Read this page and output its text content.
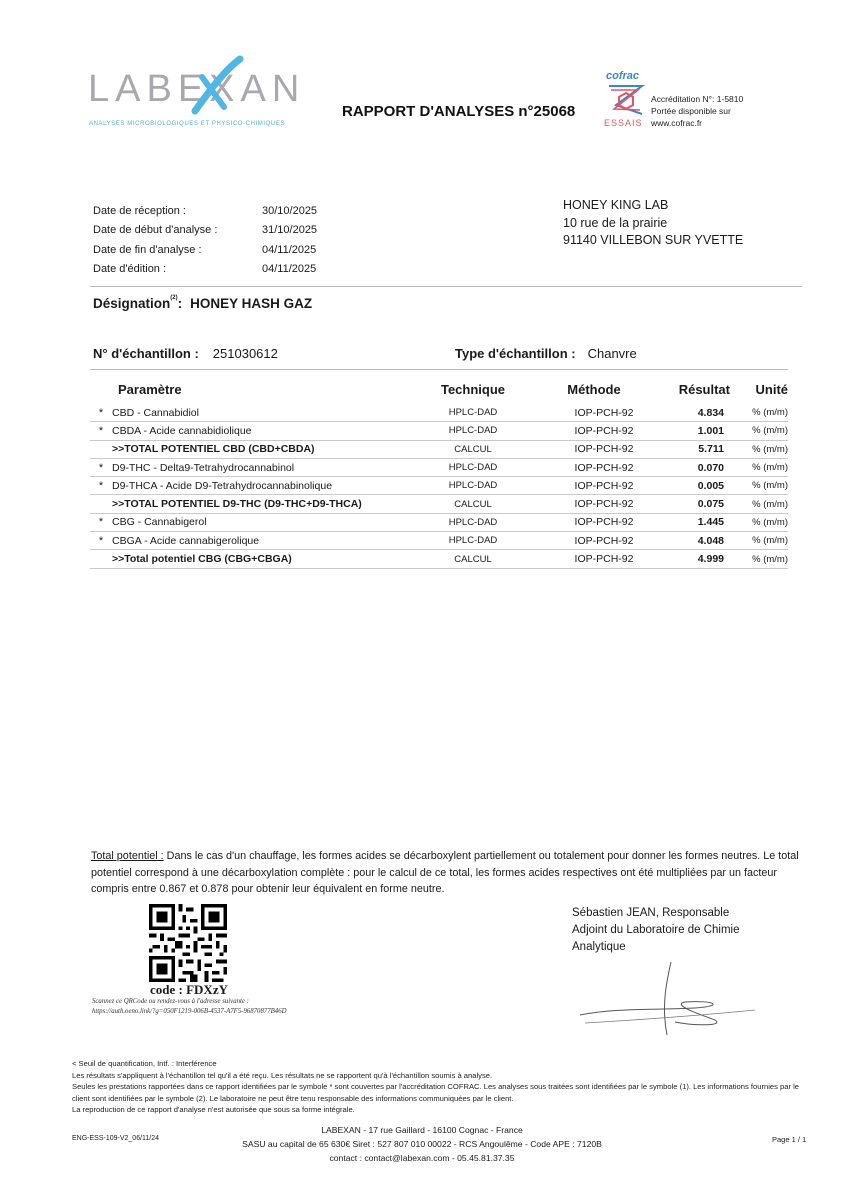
LABEXAN
ANALYSES MICROBIOLOGIQUES ET PHYSICO-CHIMIQUES
RAPPORT D'ANALYSES n°25068
cofrac
ESSAIS
Accréditation N°: 1-5810
Portée disponible sur
www.cofrac.fr
Date de réception :	30/10/2025
Date de début d'analyse :	31/10/2025
Date de fin d'analyse :	04/11/2025
Date d'édition :	04/11/2025
HONEY KING LAB
10 rue de la prairie
91140 VILLEBON SUR YVETTE
Désignation$^{(2)}$: HONEY HASH GAZ
N° d'échantillon : 251030612	Type d'échantillon : Chanvre
Paramètre	Technique	Méthode	Résultat	Unité
* CBD - Cannabidiol	HPLC-DAD	IOP-PCH-92	4.834	% (m/m)
* CBDA - Acide cannabidiolique	HPLC-DAD	IOP-PCH-92	1.001	% (m/m)
>>TOTAL POTENTIEL CBD (CBD+CBDA)	CALCUL	IOP-PCH-92	5.711	% (m/m)
* D9-THC - Delta9-Tetrahydrocannabinol	HPLC-DAD	IOP-PCH-92	0.070	% (m/m)
* D9-THCA - Acide D9-Tetrahydrocannabinolique	HPLC-DAD	IOP-PCH-92	0.005	% (m/m)
>>TOTAL POTENTIEL D9-THC (D9-THC+D9-THCA)	CALCUL	IOP-PCH-92	0.075	% (m/m)
* CBG - Cannabigerol	HPLC-DAD	IOP-PCH-92	1.445	% (m/m)
* CBGA - Acide cannabigerolique	HPLC-DAD	IOP-PCH-92	4.048	% (m/m)
>>Total potentiel CBG (CBG+CBGA)	CALCUL	IOP-PCH-92	4.999	% (m/m)
Total potentiel : Dans le cas d'un chauffage, les formes acides se décarboxylent partiellement ou totalement pour donner les formes neutres. Le total potentiel correspond à une décarboxylation complète : pour le calcul de ce total, les formes acides respectives ont été multipliées par un facteur compris entre 0.867 et 0.878 pour obtenir leur équivalent en forme neutre.
code : FDXzY
Scannez ce QRCode ou rendez-vous à l'adresse suivante :
https://auth.oeno.link/?g=050F1219-006B-4537-A7F5-96870877B46D
Sébastien JEAN, Responsable
Adjoint du Laboratoire de Chimie
Analytique
< Seuil de quantification, Intf. : Interférence
Les résultats s'appliquent à l'échantillon tel qu'il a été reçu. Les résultats ne se rapportent qu'à l'échantillon soumis à analyse.
Seules les prestations rapportées dans ce rapport identifiées par le symbole * sont couvertes par l'accréditation COFRAC. Les analyses sous traitées sont identifiées par le symbole (1). Les informations fournies par le client sont identifiées par le symbole (2). Le laboratoire ne peut être tenu responsable des informations communiquées par le client.
La reproduction de ce rapport d'analyse n'est autorisée que sous sa forme intégrale.
ENG-ESS-109-V2_06/11/24
LABEXAN - 17 rue Gaillard - 16100 Cognac - France
SASU au capital de 65 630€ Siret : 527 807 010 00022 - RCS Angoulême - Code APE : 7120B
contact : contact@labexan.com - 05.45.81.37.35
Page 1 / 1
